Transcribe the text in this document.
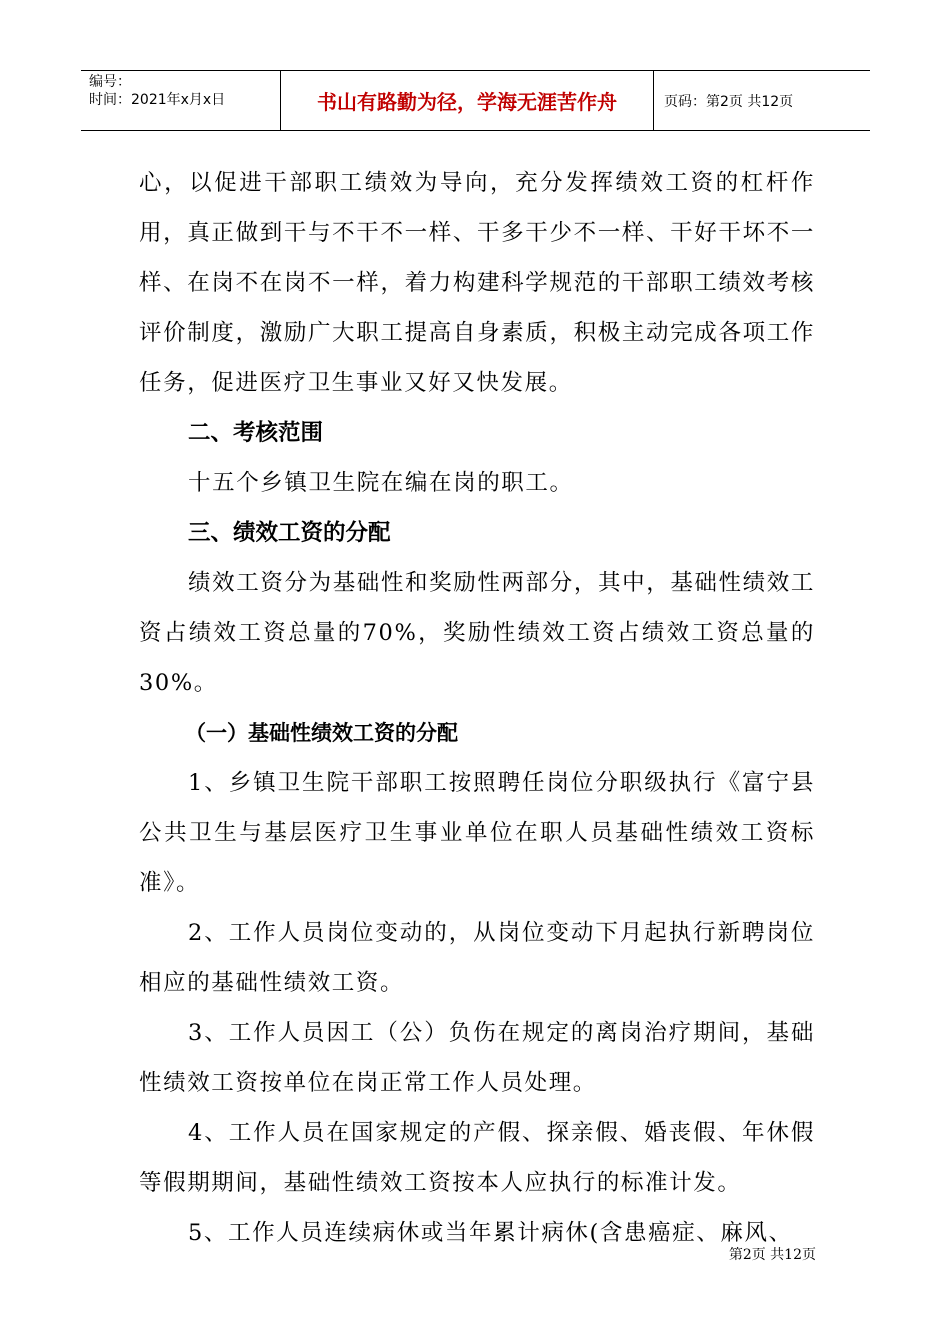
编号：
时间：2021年x月x日	书山有路勤为径，学海无涯苦作舟	页码：第2页 共12页

心，以促进干部职工绩效为导向，充分发挥绩效工资的杠杆作用，真正做到干与不干不一样、干多干少不一样、干好干坏不一样、在岗不在岗不一样，着力构建科学规范的干部职工绩效考核评价制度，激励广大职工提高自身素质，积极主动完成各项工作任务，促进医疗卫生事业又好又快发展。

二、考核范围

十五个乡镇卫生院在编在岗的职工。

三、绩效工资的分配

绩效工资分为基础性和奖励性两部分，其中，基础性绩效工资占绩效工资总量的70%，奖励性绩效工资占绩效工资总量的30%。

（一）基础性绩效工资的分配

1、乡镇卫生院干部职工按照聘任岗位分职级执行《富宁县公共卫生与基层医疗卫生事业单位在职人员基础性绩效工资标准》。

2、工作人员岗位变动的，从岗位变动下月起执行新聘岗位相应的基础性绩效工资。

3、工作人员因工（公）负伤在规定的离岗治疗期间，基础性绩效工资按单位在岗正常工作人员处理。

4、工作人员在国家规定的产假、探亲假、婚丧假、年休假等假期期间，基础性绩效工资按本人应执行的标准计发。

5、工作人员连续病休或当年累计病休(含患癌症、麻风、

第2页 共12页
